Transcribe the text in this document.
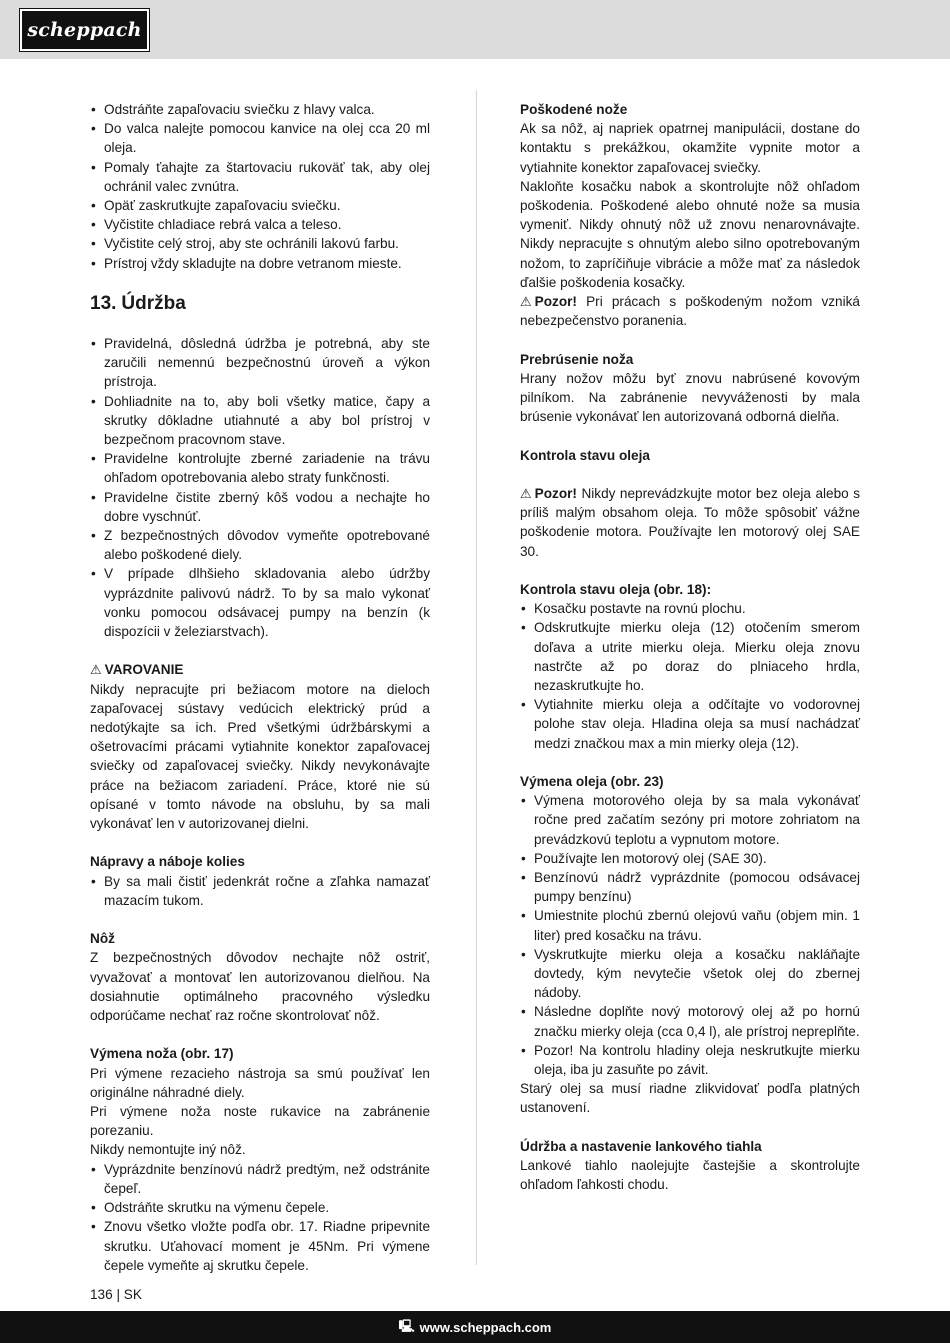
scheppach
• Odstráňte zapaľovaciu sviečku z hlavy valca.
• Do valca nalejte pomocou kanvice na olej cca 20 ml oleja.
• Pomaly ťahajte za štartovaciu rukoväť tak, aby olej ochránil valec zvnútra.
• Opäť zaskrutkujte zapaľovaciu sviečku.
• Vyčistite chladiace rebrá valca a teleso.
• Vyčistite celý stroj, aby ste ochránili lakovú farbu.
• Prístroj vždy skladujte na dobre vetranom mieste.
13. Údržba
• Pravidelná, dôsledná údržba je potrebná, aby ste zaručili nemennú bezpečnostnú úroveň a výkon prístroja.
• Dohliadnite na to, aby boli všetky matice, čapy a skrutky dôkladne utiahnuté a aby bol prístroj v bezpečnom pracovnom stave.
• Pravidelne kontrolujte zberné zariadenie na trávu ohľadom opotrebovania alebo straty funkčnosti.
• Pravidelne čistite zberný kôš vodou a nechajte ho dobre vyschnúť.
• Z bezpečnostných dôvodov vymeňte opotrebované alebo poškodené diely.
• V prípade dlhšieho skladovania alebo údržby vyprázdnite palivovú nádrž. To by sa malo vykonať vonku pomocou odsávacej pumpy na benzín (k dispozícii v železiarstvach).
⚠ VAROVANIE

Nikdy nepracujte pri bežiacom motore na dieloch zapaľovacej sústavy vedúcich elektrický prúd a nedotýkajte sa ich. Pred všetkými údržbárskymi a ošetrovacími prácami vytiahnite konektor zapaľovacej sviečky od zapaľovacej sviečky. Nikdy nevykonávajte práce na bežiacom zariadení. Práce, ktoré nie sú opísané v tomto návode na obsluhu, by sa mali vykonávať len v autorizovanej dielni.

Nápravy a náboje kolies
• By sa mali čistiť jedenkrát ročne a zľahka namazať mazacím tukom.
Nôž

Z bezpečnostných dôvodov nechajte nôž ostriť, vyvažovať a montovať len autorizovanou dielňou. Na dosiahnutie optimálneho pracovného výsledku odporúčame nechať raz ročne skontrolovať nôž.

Výmena noža (obr. 17)

Pri výmene rezacieho nástroja sa smú používať len originálne náhradné diely.

Pri výmene noža noste rukavice na zabránenie porezaniu.

Nikdy nemontujte iný nôž.

• Vyprázdnite benzínovú nádrž predtým, než odstránite čepeľ.
• Odstráňte skrutku na výmenu čepele.
• Znovu všetko vložte podľa obr. 17. Riadne pripevnite skrutku. Uťahovací moment je 45Nm. Pri výmene čepele vymeňte aj skrutku čepele.
Poškodené nože

Ak sa nôž, aj napriek opatrnej manipulácii, dostane do kontaktu s prekážkou, okamžite vypnite motor a vytiahnite konektor zapaľovacej sviečky.

Nakloňte kosačku nabok a skontrolujte nôž ohľadom poškodenia. Poškodené alebo ohnuté nože sa musia vymeniť. Nikdy ohnutý nôž už znovu nenarovnávajte. Nikdy nepracujte s ohnutým alebo silno opotrebovaným nožom, to zapríčiňuje vibrácie a môže mať za následok ďalšie poškodenia kosačky.

⚠ Pozor! Pri prácach s poškodeným nožom vzniká nebezpečenstvo poranenia.

Prebrúsenie noža

Hrany nožov môžu byť znovu nabrúsené kovovým pilníkom. Na zabránenie nevyváženosti by mala brúsenie vykonávať len autorizovaná odborná dielňa.

Kontrola stavu oleja

⚠ Pozor! Nikdy neprevádzkujte motor bez oleja alebo s príliš malým obsahom oleja. To môže spôsobiť vážne poškodenie motora. Používajte len motorový olej SAE 30.

Kontrola stavu oleja (obr. 18):
• Kosačku postavte na rovnú plochu.
• Odskrutkujte mierku oleja (12) otočením smerom doľava a utrite mierku oleja. Mierku oleja znovu nastrčte až po doraz do plniaceho hrdla, nezaskrutkujte ho.
• Vytiahnite mierku oleja a odčítajte vo vodorovnej polohe stav oleja. Hladina oleja sa musí nachádzať medzi značkou max a min mierky oleja (12).
Výmena oleja (obr. 23)
• Výmena motorového oleja by sa mala vykonávať ročne pred začatím sezóny pri motore zohriatom na prevádzkovú teplotu a vypnutom motore.
• Používajte len motorový olej (SAE 30).
• Benzínovú nádrž vyprázdnite (pomocou odsávacej pumpy benzínu)
• Umiestnite plochú zbernú olejovú vaňu (objem min. 1 liter) pred kosačku na trávu.
• Vyskrutkujte mierku oleja a kosačku nakláňajte dovtedy, kým nevytečie všetok olej do zbernej nádoby.
• Následne doplňte nový motorový olej až po hornú značku mierky oleja (cca 0,4 l), ale prístroj nepreplňte.
• Pozor! Na kontrolu hladiny oleja neskrutkujte mierku oleja, iba ju zasuňte po závit.

Starý olej sa musí riadne zlikvidovať podľa platných ustanovení.

Údržba a nastavenie lankového tiahla

Lankové tiahlo naolejujte častejšie a skontrolujte ohľadom ľahkosti chodu.

136 | SK
🖳 www.scheppach.com
